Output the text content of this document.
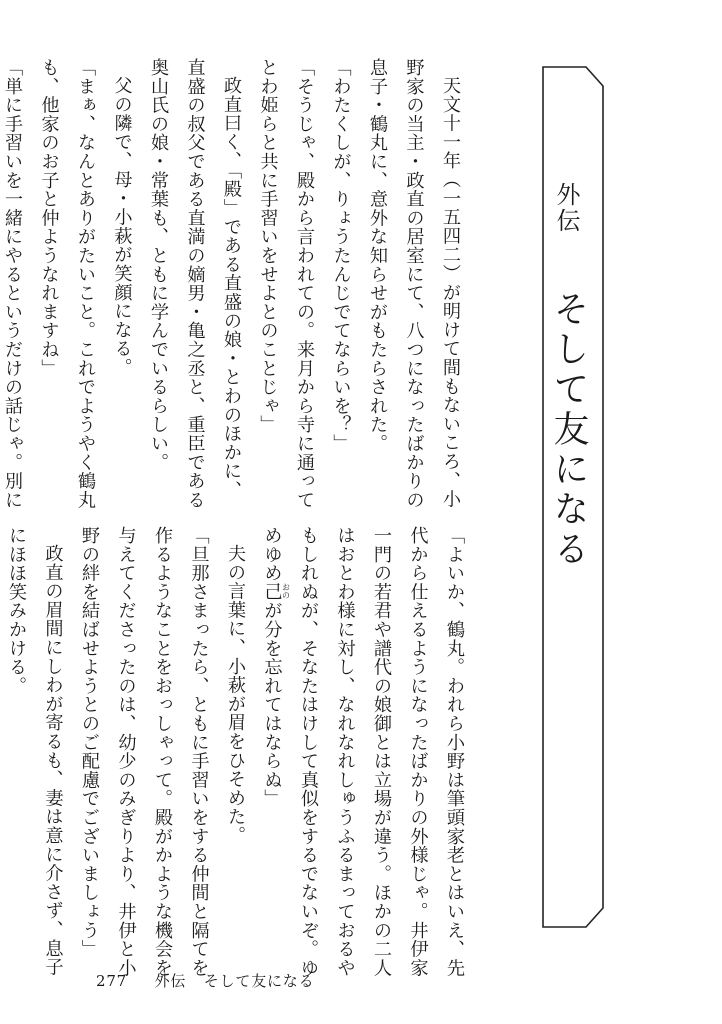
外伝
そして友になる

天文十一年（一五四二）が明けて間もないころ、小

野家の当主・政直の居室にて、八つになったばかりの

息子・鶴丸に、意外な知らせがもたらされた。

「わたくしが、りょうたんじでてならいを？」

「そうじゃ、殿から言われての。来月から寺に通って

とわ姫らと共に手習いをせよとのことじゃ」

政直曰く、「殿」である直盛の娘・とわのほかに、

直盛の叔父である直満の嫡男・亀之丞と、重臣である

奥山氏の娘・常葉も、ともに学んでいるらしい。

父の隣で、母・小萩が笑顔になる。

「まぁ、なんとありがたいこと。これでようやく鶴丸

も、他家のお子と仲ようなれますね」

「単に手習いを一緒にやるというだけの話じゃ。別に

「よいか、鶴丸。われら小野は筆頭家老とはいえ、先

代から仕えるようになったばかりの外様じゃ。井伊家

一門の若君や譜代の娘御とは立場が違う。ほかの二人

はおとわ様に対し、なれなれしゅうふるまっておるや

もしれぬが、そなたはけして真似をするでないぞ。ゆ

めゆめ己 おの
が分を忘れてはならぬ」

夫の言葉に、小萩が眉をひそめた。

「旦那さまったら、ともに手習いをする仲間と隔てを

作るようなことをおっしゃって。殿がかような機会を

与えてくださったのは、幼少のみぎりより、井伊と小

野の絆を結ばせようとのご配慮でございましょう」

政直の眉間にしわが寄るも、妻は意に介さず、息子

にほほ笑みかける。

277 外伝 そして友になる
